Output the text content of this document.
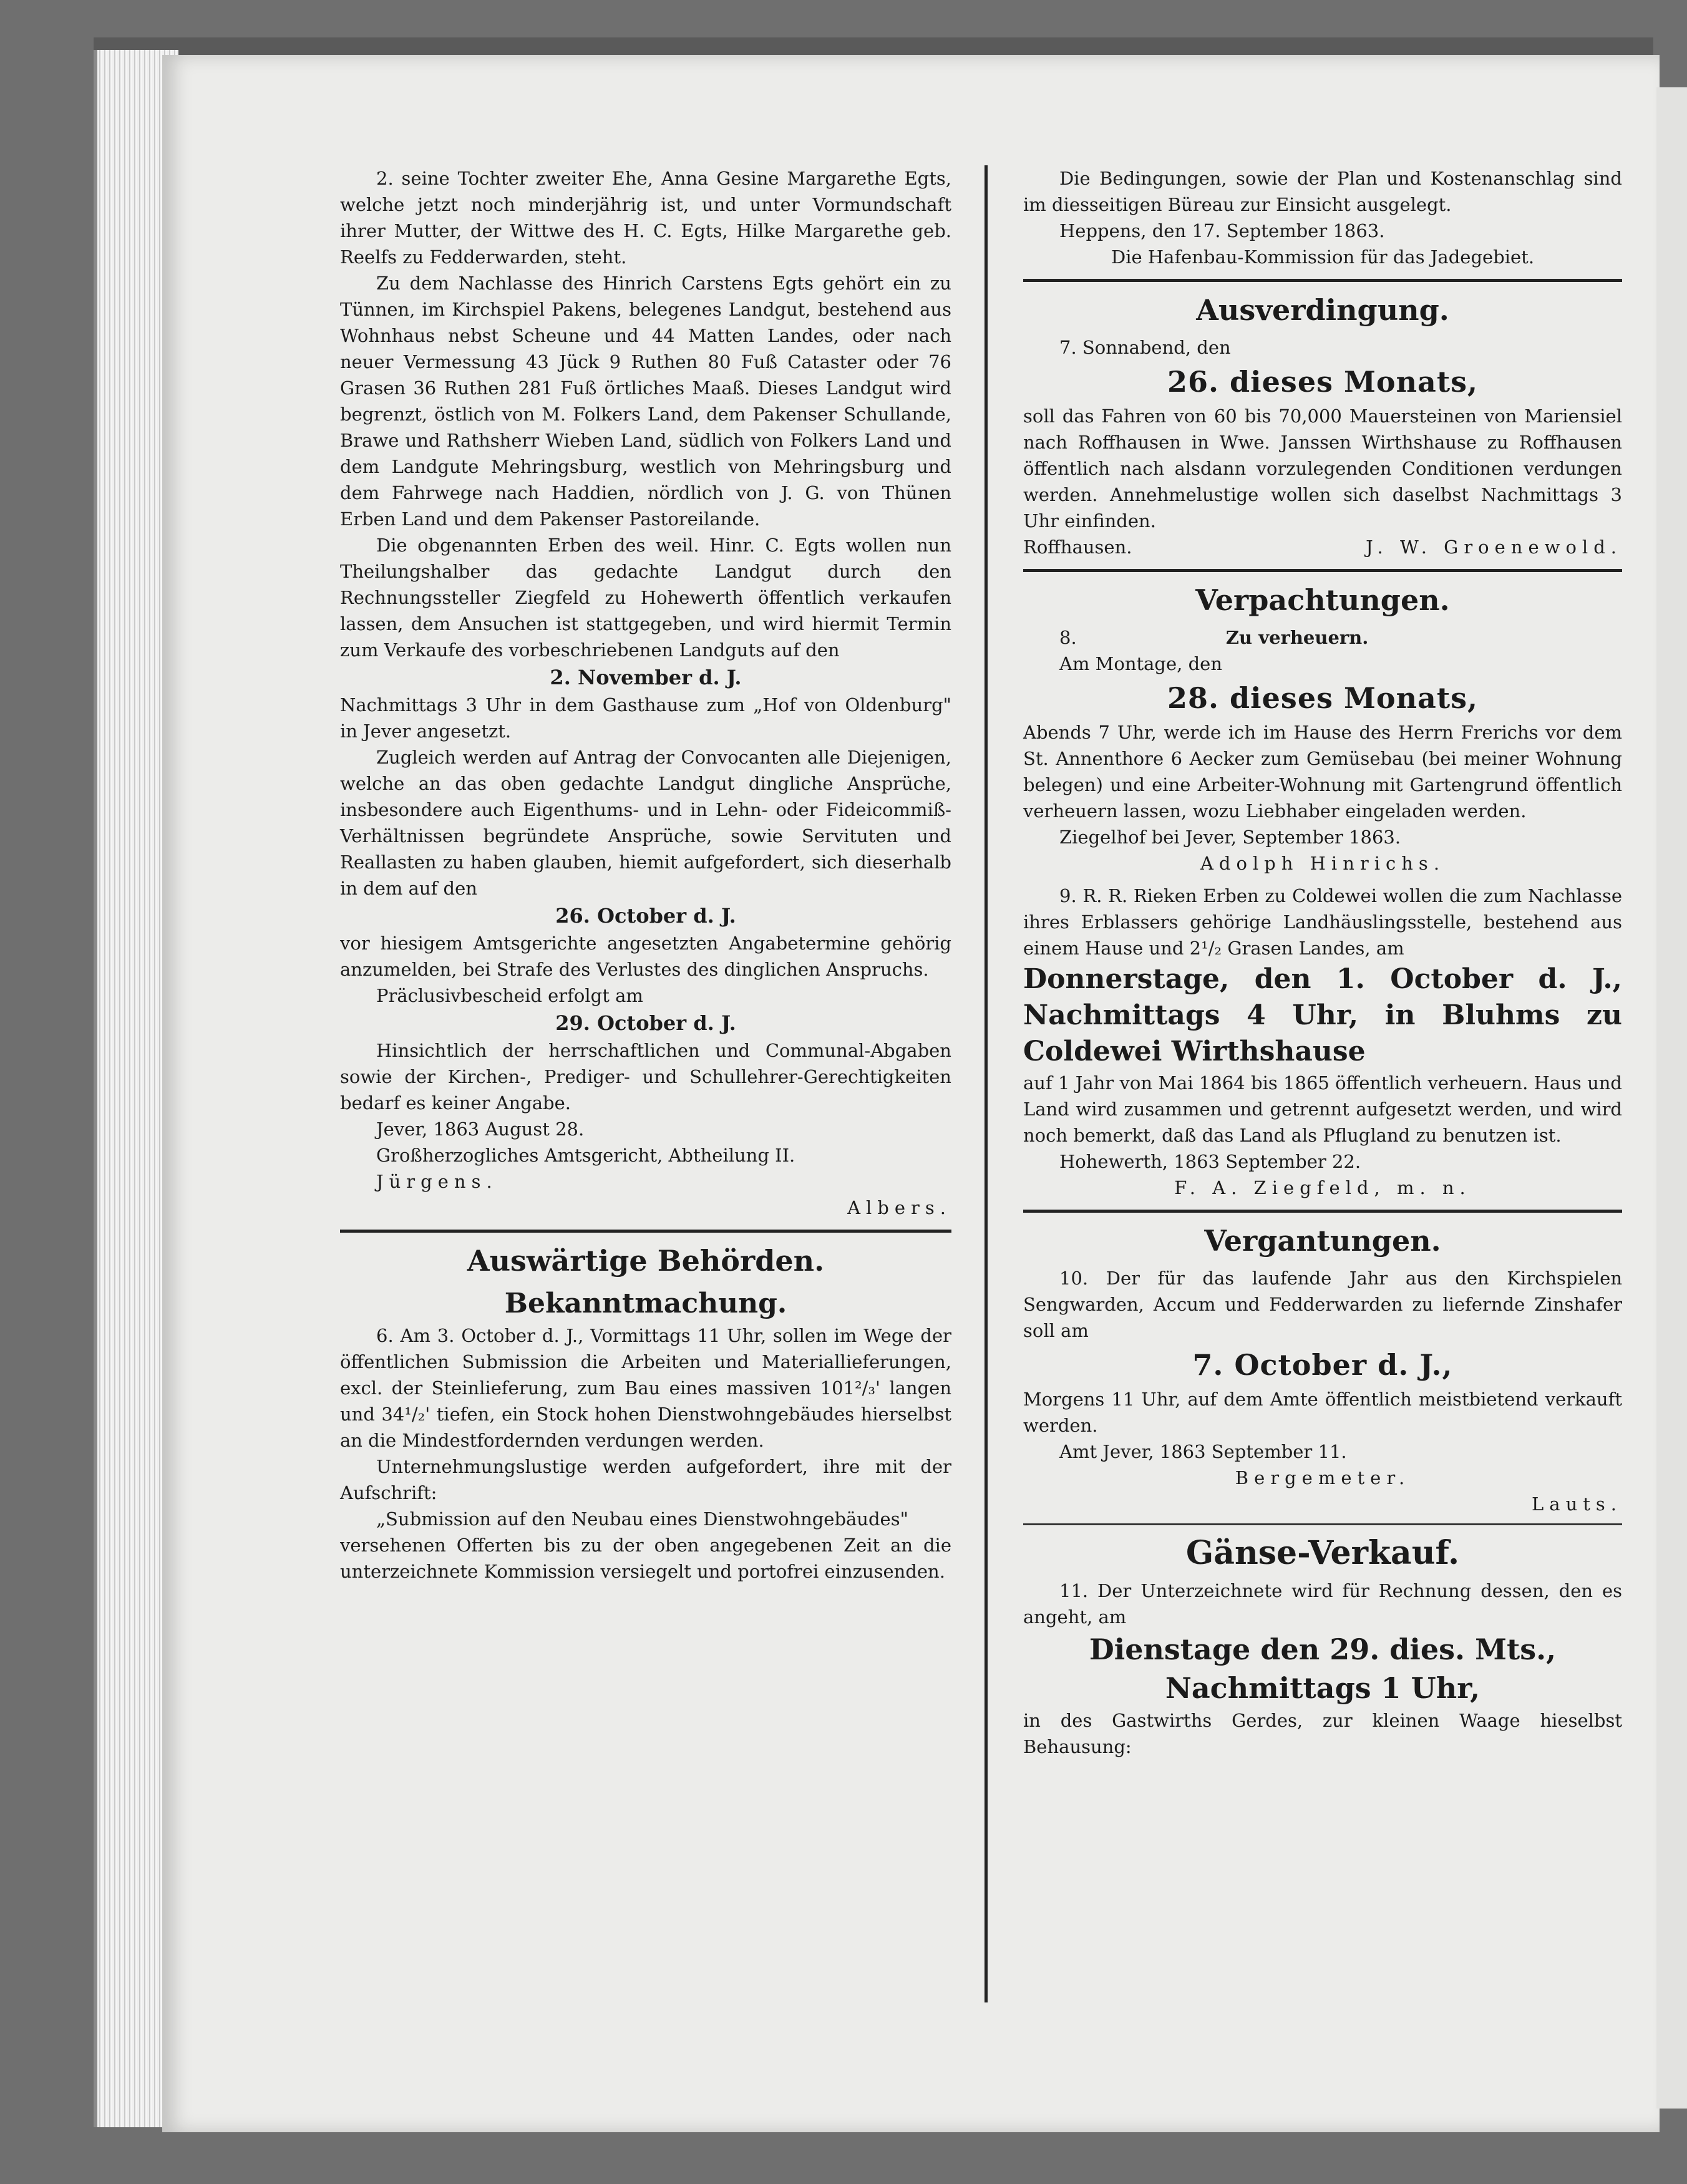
2. seine Tochter zweiter Ehe, Anna Gesine Margarethe Egts, welche jetzt noch minderjährig ist, und unter Vormundschaft ihrer Mutter, der Wittwe des H. C. Egts, Hilke Margarethe geb. Reelfs zu Fedderwarden, steht.

Zu dem Nachlasse des Hinrich Carstens Egts gehört ein zu Tünnen, im Kirchspiel Pakens, belegenes Landgut, bestehend aus Wohnhaus nebst Scheune und 44 Matten Landes, oder nach neuer Vermessung 43 Jück 9 Ruthen 80 Fuß Cataster oder 76 Grasen 36 Ruthen 281 Fuß örtliches Maaß. Dieses Landgut wird begrenzt, östlich von M. Folkers Land, dem Pakenser Schullande, Brawe und Rathsherr Wieben Land, südlich von Folkers Land und dem Landgute Mehringsburg, westlich von Mehringsburg und dem Fahrwege nach Haddien, nördlich von J. G. von Thünen Erben Land und dem Pakenser Pastoreilande.

Die obgenannten Erben des weil. Hinr. C. Egts wollen nun Theilungshalber das gedachte Landgut durch den Rechnungssteller Ziegfeld zu Hohewerth öffentlich verkaufen lassen, dem Ansuchen ist stattgegeben, und wird hiermit Termin zum Verkaufe des vorbeschriebenen Landguts auf den

2. November d. J.

Nachmittags 3 Uhr in dem Gasthause zum „Hof von Oldenburg" in Jever angesetzt.

Zugleich werden auf Antrag der Convocanten alle Diejenigen, welche an das oben gedachte Landgut dingliche Ansprüche, insbesondere auch Eigenthums- und in Lehn- oder Fideicommiß-Verhältnissen begründete Ansprüche, sowie Servituten und Reallasten zu haben glauben, hiemit aufgefordert, sich dieserhalb in dem auf den

26. October d. J.

vor hiesigem Amtsgerichte angesetzten Angabetermine gehörig anzumelden, bei Strafe des Verlustes des dinglichen Anspruchs.

Präclusivbescheid erfolgt am

29. October d. J.

Hinsichtlich der herrschaftlichen und Communal-Abgaben sowie der Kirchen-, Prediger- und Schullehrer-Gerechtigkeiten bedarf es keiner Angabe.

Jever, 1863 August 28.

Großherzogliches Amtsgericht, Abtheilung II.

Jürgens.

Albers.

Auswärtige Behörden.
Bekanntmachung.

6. Am 3. October d. J., Vormittags 11 Uhr, sollen im Wege der öffentlichen Submission die Arbeiten und Materiallieferungen, excl. der Steinlieferung, zum Bau eines massiven 101²/₃' langen und 34¹/₂' tiefen, ein Stock hohen Dienstwohngebäudes hierselbst an die Mindestfordernden verdungen werden.

Unternehmungslustige werden aufgefordert, ihre mit der Aufschrift:

„Submission auf den Neubau eines Dienstwohngebäudes"

versehenen Offerten bis zu der oben angegebenen Zeit an die unterzeichnete Kommission versiegelt und portofrei einzusenden.

Die Bedingungen, sowie der Plan und Kostenanschlag sind im diesseitigen Büreau zur Einsicht ausgelegt.

Heppens, den 17. September 1863.

Die Hafenbau-Kommission für das Jadegebiet.

Ausverdingung.

7. Sonnabend, den

26. dieses Monats,

soll das Fahren von 60 bis 70,000 Mauersteinen von Mariensiel nach Roffhausen in Wwe. Janssen Wirthshause zu Roffhausen öffentlich nach alsdann vorzulegenden Conditionen verdungen werden. Annehmelustige wollen sich daselbst Nachmittags 3 Uhr einfinden.

Roffhausen.	J. W. Groenewold.

Verpachtungen.

8.	Zu verheuern.

Am Montage, den

28. dieses Monats,

Abends 7 Uhr, werde ich im Hause des Herrn Frerichs vor dem St. Annenthore 6 Aecker zum Gemüsebau (bei meiner Wohnung belegen) und eine Arbeiter-Wohnung mit Gartengrund öffentlich verheuern lassen, wozu Liebhaber eingeladen werden.

Ziegelhof bei Jever, September 1863.

Adolph Hinrichs.

9. R. R. Rieken Erben zu Coldewei wollen die zum Nachlasse ihres Erblassers gehörige Landhäuslingsstelle, bestehend aus einem Hause und 2¹/₂ Grasen Landes, am

Donnerstage, den 1. October d. J., Nachmittags 4 Uhr, in Bluhms zu Coldewei Wirthshause

auf 1 Jahr von Mai 1864 bis 1865 öffentlich verheuern. Haus und Land wird zusammen und getrennt aufgesetzt werden, und wird noch bemerkt, daß das Land als Pflugland zu benutzen ist.

Hohewerth, 1863 September 22.

F. A. Ziegfeld, m. n.

Vergantungen.

10. Der für das laufende Jahr aus den Kirchspielen Sengwarden, Accum und Fedderwarden zu liefernde Zinshafer soll am

7. October d. J.,

Morgens 11 Uhr, auf dem Amte öffentlich meistbietend verkauft werden.

Amt Jever, 1863 September 11.

Bergemeter.

Lauts.

Gänse-Verkauf.

11. Der Unterzeichnete wird für Rechnung dessen, den es angeht, am

Dienstage den 29. dies. Mts.,

Nachmittags 1 Uhr,

in des Gastwirths Gerdes, zur kleinen Waage hieselbst Behausung:
